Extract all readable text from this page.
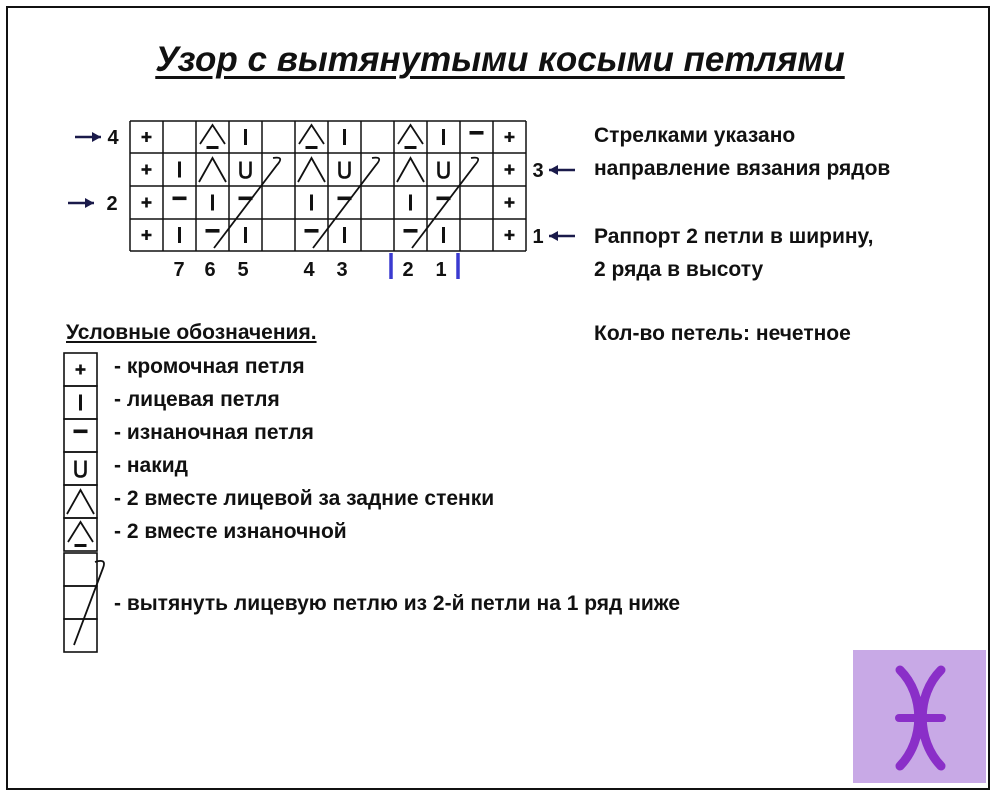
Узор с вытянутыми косыми петлями
Стрелками указано
направление вязания рядов
Раппорт 2 петли в ширину,
2 ряда в высоту
Кол-во петель: нечетное
Условные обозначения.
- кромочная петля
- лицевая петля
- изнаночная петля
- накид
- 2 вместе лицевой за задние стенки
- 2 вместе изнаночной
- вытянуть лицевую петлю из 2-й петли на 1 ряд ниже
4
3
2
1
7 6 5	4 3	2 1
